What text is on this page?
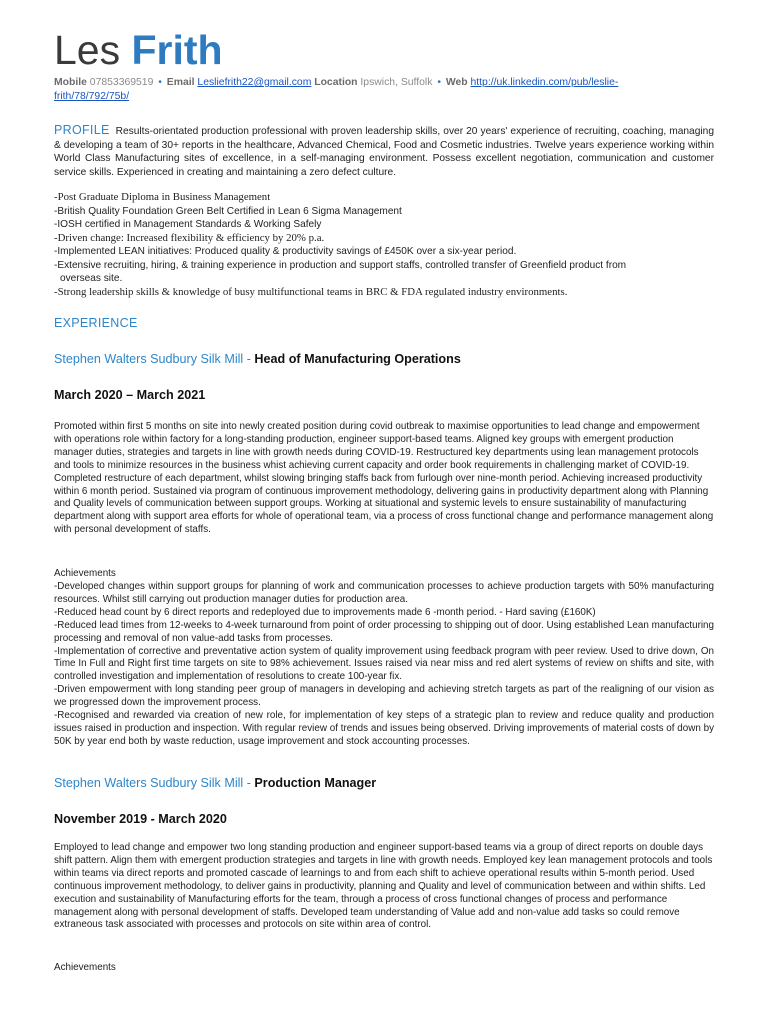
Les Frith
Mobile 07853369519 • Email Lesliefrith22@gmail.com Location Ipswich, Suffolk • Web http://uk.linkedin.com/pub/leslie-
frith/78/792/75b/
PROFILE Results-orientated production professional with proven leadership skills, over 20 years' experience of recruiting, coaching, managing & developing a team of 30+ reports in the healthcare, Advanced Chemical, Food and Cosmetic industries. Twelve years experience working within World Class Manufacturing sites of excellence, in a self-managing environment. Possess excellent negotiation, communication and customer service skills. Experienced in creating and maintaining a zero defect culture.
-Post Graduate Diploma in Business Management
-British Quality Foundation Green Belt Certified in Lean 6 Sigma Management
-IOSH certified in Management Standards & Working Safely
-Driven change: Increased flexibility & efficiency by 20% p.a.
-Implemented LEAN initiatives: Produced quality & productivity savings of £450K over a six-year period.
-Extensive recruiting, hiring, & training experience in production and support staffs, controlled transfer of Greenfield product from
overseas site.
-Strong leadership skills & knowledge of busy multifunctional teams in BRC & FDA regulated industry environments.
EXPERIENCE
Stephen Walters Sudbury Silk Mill - Head of Manufacturing Operations
March 2020 – March 2021
Promoted within first 5 months on site into newly created position during covid outbreak to maximise opportunities to lead change and empowerment with operations role within factory for a long-standing production, engineer support-based teams. Aligned key groups with emergent production manager duties, strategies and targets in line with growth needs during COVID-19. Restructured key departments using lean management protocols and tools to minimize resources in the business whist achieving current capacity and order book requirements in challenging market of COVID-19. Completed restructure of each department, whilst slowing bringing staffs back from furlough over nine-month period. Achieving increased productivity within 6 month period. Sustained via program of continuous improvement methodology, delivering gains in productivity department along with Planning and Quality levels of communication between support groups. Working at situational and systemic levels to ensure sustainability of manufacturing department along with support area efforts for whole of operational team, via a process of cross functional change and performance management along with personal development of staffs.
Achievements
-Developed changes within support groups for planning of work and communication processes to achieve production targets with 50% manufacturing resources. Whilst still carrying out production manager duties for production area.
-Reduced head count by 6 direct reports and redeployed due to improvements made 6 -month period. - Hard saving (£160K)
-Reduced lead times from 12-weeks to 4-week turnaround from point of order processing to shipping out of door. Using established Lean manufacturing processing and removal of non value-add tasks from processes.
-Implementation of corrective and preventative action system of quality improvement using feedback program with peer review. Used to drive down, On Time In Full and Right first time targets on site to 98% achievement. Issues raised via near miss and red alert systems of review on shifts and site, with controlled investigation and implementation of resolutions to create 100-year fix.
-Driven empowerment with long standing peer group of managers in developing and achieving stretch targets as part of the realigning of our vision as we progressed down the improvement process.
-Recognised and rewarded via creation of new role, for implementation of key steps of a strategic plan to review and reduce quality and production issues raised in production and inspection. With regular review of trends and issues being observed. Driving improvements of material costs of down by 50K by year end both by waste reduction, usage improvement and stock accounting processes.
Stephen Walters Sudbury Silk Mill - Production Manager
November 2019 - March 2020
Employed to lead change and empower two long standing production and engineer support-based teams via a group of direct reports on double days shift pattern. Align them with emergent production strategies and targets in line with growth needs. Employed key lean management protocols and tools within teams via direct reports and promoted cascade of learnings to and from each shift to achieve operational results within 5-month period. Used continuous improvement methodology, to deliver gains in productivity, planning and Quality and level of communication between and within shifts. Led execution and sustainability of Manufacturing efforts for the team, through a process of cross functional changes of process and performance management along with personal development of staffs. Developed team understanding of Value add and non-value add tasks so could remove extraneous task associated with processes and protocols on site within area of control.
Achievements
